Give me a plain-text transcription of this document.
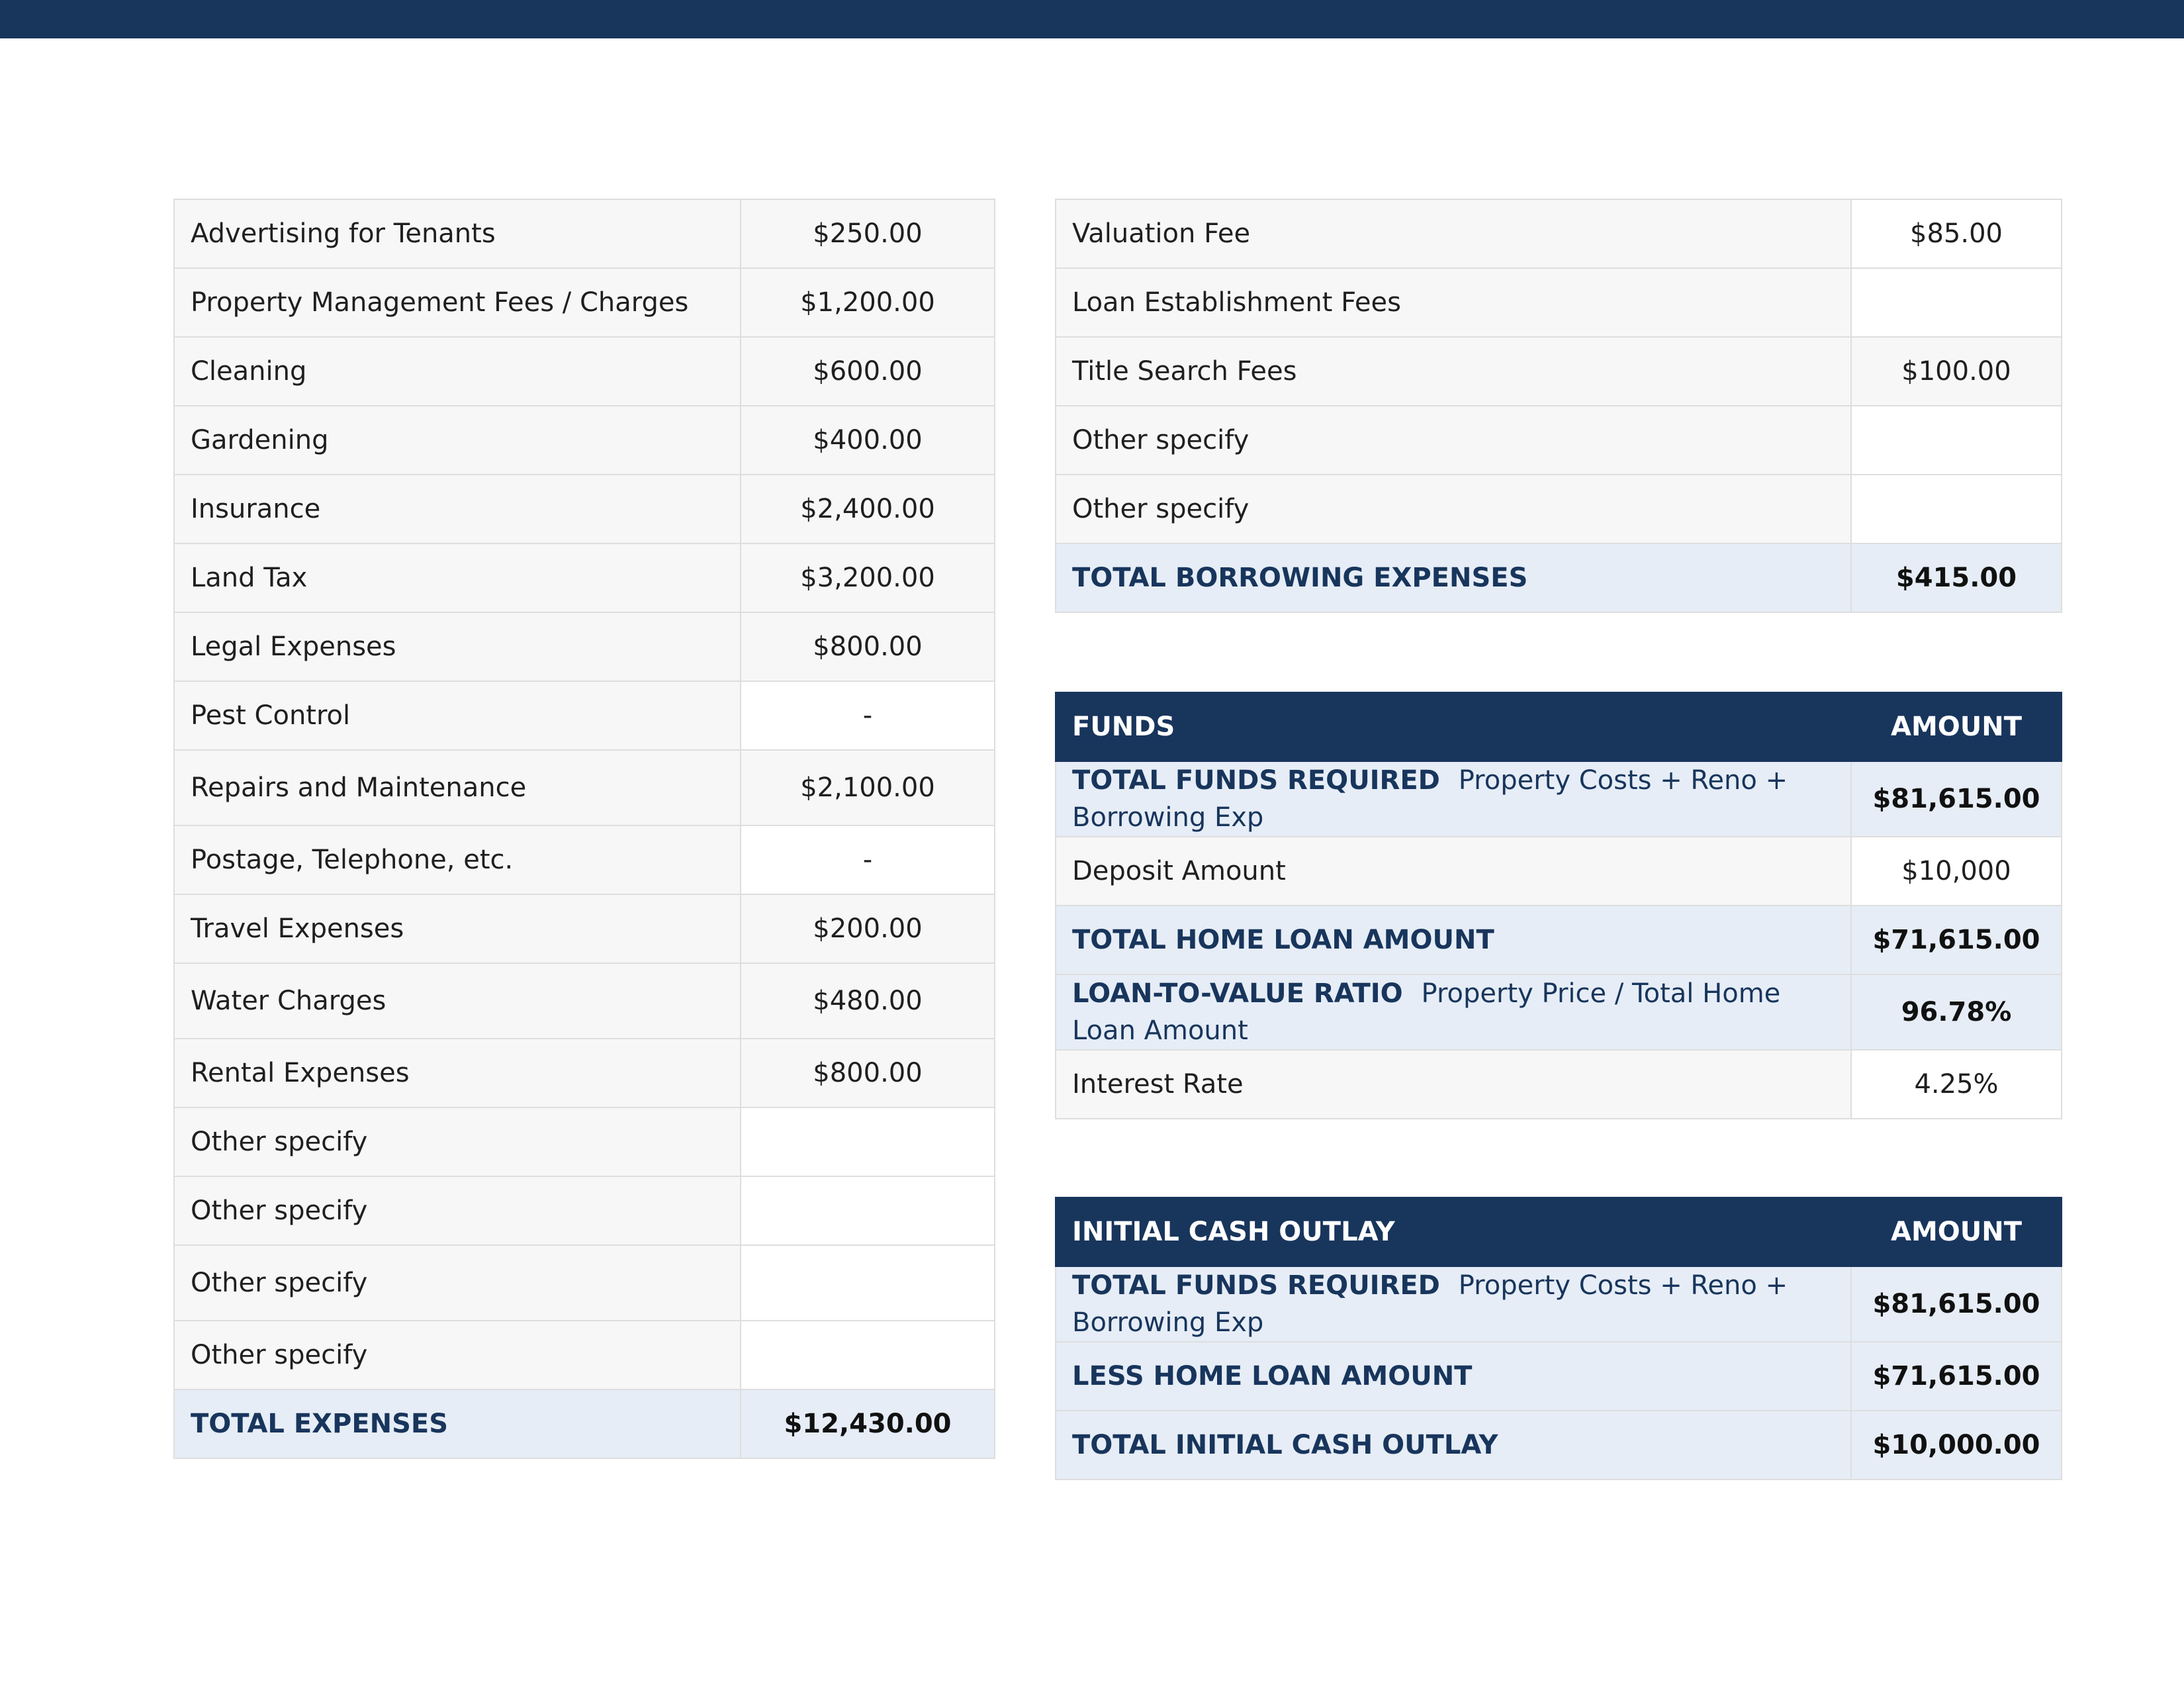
Advertising for Tenants	$250.00
Property Management Fees / Charges	$1,200.00
Cleaning	$600.00
Gardening	$400.00
Insurance	$2,400.00
Land Tax	$3,200.00
Legal Expenses	$800.00
Pest Control	-
Repairs and Maintenance	$2,100.00
Postage, Telephone, etc.	-
Travel Expenses	$200.00
Water Charges	$480.00
Rental Expenses	$800.00
Other specify	
Other specify	
Other specify	
Other specify	
TOTAL EXPENSES	$12,430.00
Valuation Fee	$85.00
Loan Establishment Fees	
Title Search Fees	$100.00
Other specify	
Other specify	
TOTAL BORROWING EXPENSES	$415.00
FUNDS	AMOUNT
TOTAL FUNDS REQUIRED Property Costs + Reno + Borrowing Exp	$81,615.00
Deposit Amount	$10,000
TOTAL HOME LOAN AMOUNT	$71,615.00
LOAN-TO-VALUE RATIO Property Price / Total Home Loan Amount	96.78%
Interest Rate	4.25%
INITIAL CASH OUTLAY	AMOUNT
TOTAL FUNDS REQUIRED Property Costs + Reno + Borrowing Exp	$81,615.00
LESS HOME LOAN AMOUNT	$71,615.00
TOTAL INITIAL CASH OUTLAY	$10,000.00
